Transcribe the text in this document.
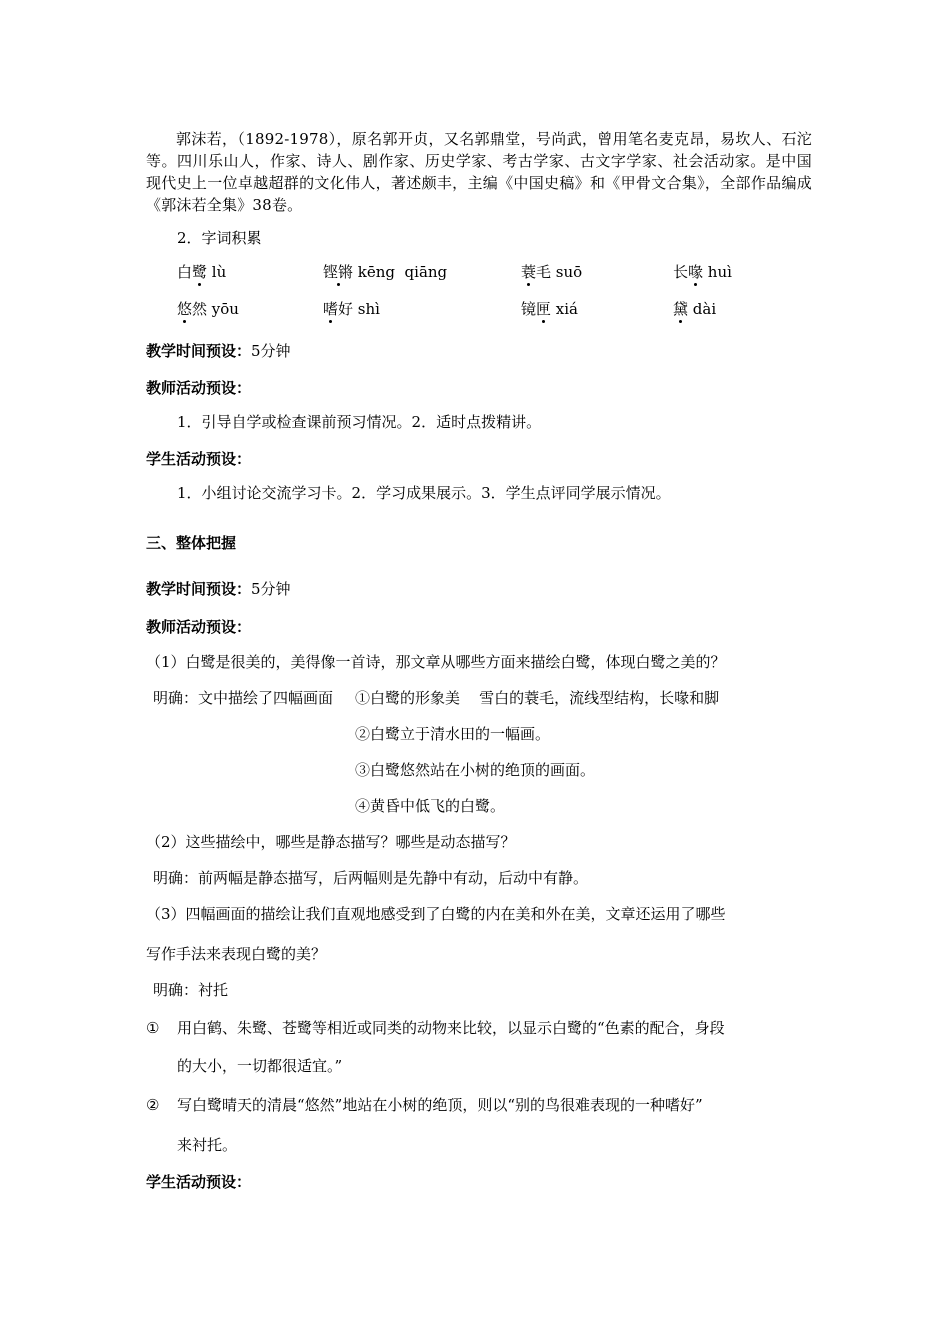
郭沫若，（1892-1978），原名郭开贞，又名郭鼎堂，号尚武，曾用笔名麦克昂，易坎人、石沱等。四川乐山人，作家、诗人、剧作家、历史学家、考古学家、古文字学家、社会活动家。是中国现代史上一位卓越超群的文化伟人，著述颇丰，主编《中国史稿》和《甲骨文合集》，全部作品编成《郭沫若全集》38卷。
2．字词积累
白鹭 lù	铿锵 kēng  qiāng	蓑毛 suō	长喙 huì
悠然 yōu	嗜好 shì	镜匣 xiá	黛 dài
教学时间预设：5分钟
教师活动预设：
1．引导自学或检查课前预习情况。2．适时点拨精讲。
学生活动预设：
1．小组讨论交流学习卡。2．学习成果展示。3．学生点评同学展示情况。
三、整体把握
教学时间预设：5分钟
教师活动预设：
（1）白鹭是很美的，美得像一首诗，那文章从哪些方面来描绘白鹭，体现白鹭之美的？
明确：文中描绘了四幅画面 ①白鹭的形象美    雪白的蓑毛，流线型结构，长喙和脚
②白鹭立于清水田的一幅画。
③白鹭悠然站在小树的绝顶的画面。
④黄昏中低飞的白鹭。
（2）这些描绘中，哪些是静态描写？哪些是动态描写？
明确：前两幅是静态描写，后两幅则是先静中有动，后动中有静。
（3）四幅画面的描绘让我们直观地感受到了白鹭的内在美和外在美，文章还运用了哪些
写作手法来表现白鹭的美？
明确：衬托
① 用白鹤、朱鹭、苍鹭等相近或同类的动物来比较，以显示白鹭的“色素的配合，身段
的大小，一切都很适宜。”
② 写白鹭晴天的清晨“悠然”地站在小树的绝顶，则以“别的鸟很难表现的一种嗜好”
来衬托。
学生活动预设：
